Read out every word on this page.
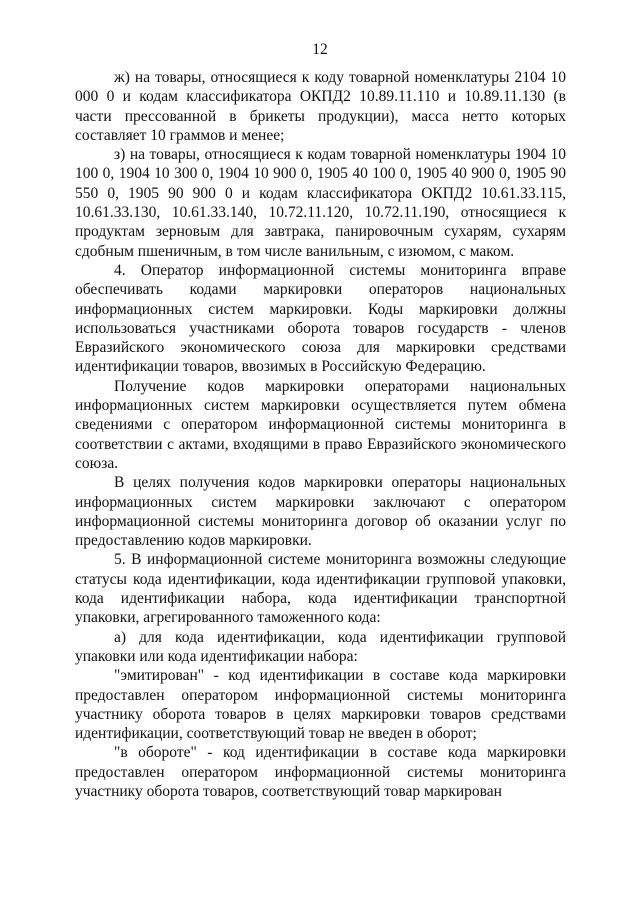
12

ж) на товары, относящиеся к коду товарной номенклатуры 2104 10 000 0 и кодам классификатора ОКПД2 10.89.11.110 и 10.89.11.130 (в части прессованной в брикеты продукции), масса нетто которых составляет 10 граммов и менее;

з) на товары, относящиеся к кодам товарной номенклатуры 1904 10 100 0, 1904 10 300 0, 1904 10 900 0, 1905 40 100 0, 1905 40 900 0, 1905 90 550 0, 1905 90 900 0 и кодам классификатора ОКПД2 10.61.33.115, 10.61.33.130, 10.61.33.140, 10.72.11.120, 10.72.11.190, относящиеся к продуктам зерновым для завтрака, панировочным сухарям, сухарям сдобным пшеничным, в том числе ванильным, с изюмом, с маком.

4. Оператор информационной системы мониторинга вправе обеспечивать кодами маркировки операторов национальных информационных систем маркировки. Коды маркировки должны использоваться участниками оборота товаров государств - членов Евразийского экономического союза для маркировки средствами идентификации товаров, ввозимых в Российскую Федерацию.

Получение кодов маркировки операторами национальных информационных систем маркировки осуществляется путем обмена сведениями с оператором информационной системы мониторинга в соответствии с актами, входящими в право Евразийского экономического союза.

В целях получения кодов маркировки операторы национальных информационных систем маркировки заключают с оператором информационной системы мониторинга договор об оказании услуг по предоставлению кодов маркировки.

5. В информационной системе мониторинга возможны следующие статусы кода идентификации, кода идентификации групповой упаковки, кода идентификации набора, кода идентификации транспортной упаковки, агрегированного таможенного кода:

а) для кода идентификации, кода идентификации групповой упаковки или кода идентификации набора:

"эмитирован" - код идентификации в составе кода маркировки предоставлен оператором информационной системы мониторинга участнику оборота товаров в целях маркировки товаров средствами идентификации, соответствующий товар не введен в оборот;

"в обороте" - код идентификации в составе кода маркировки предоставлен оператором информационной системы мониторинга участнику оборота товаров, соответствующий товар маркирован
